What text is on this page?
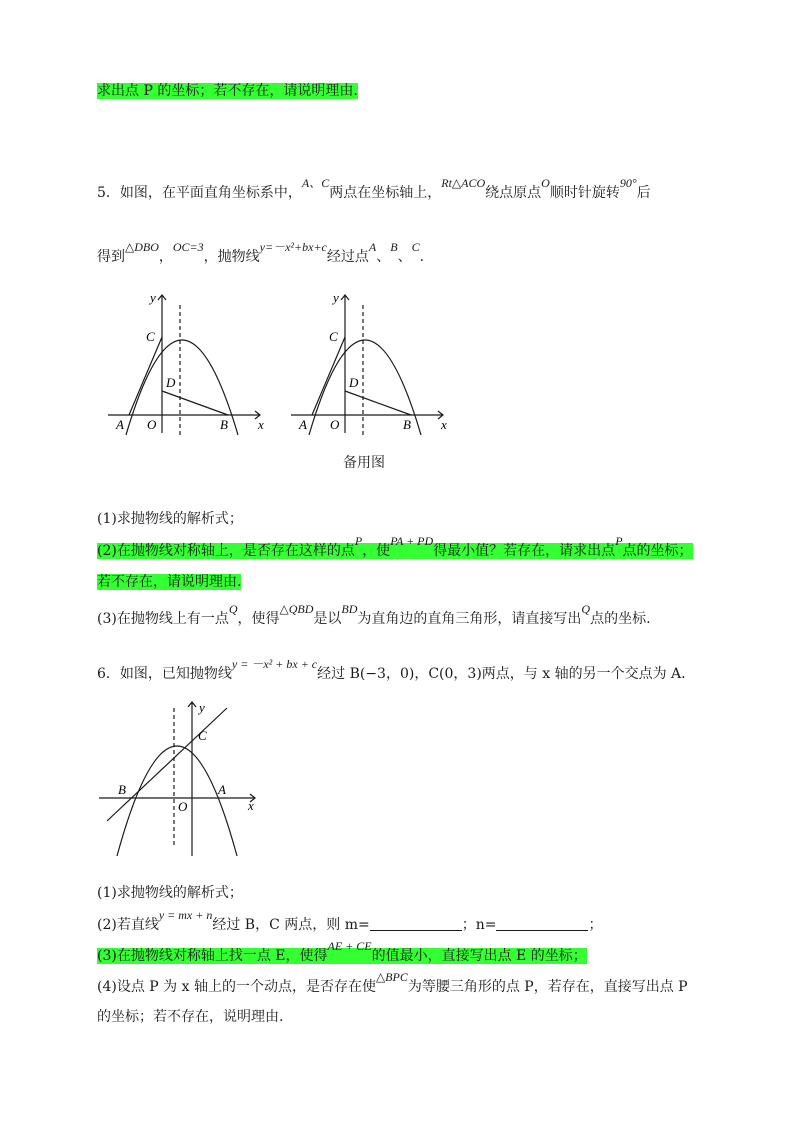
求出点 P 的坐标；若不存在，请说明理由.
5．如图，在平面直角坐标系中，A、C两点在坐标轴上，Rt△ACO绕点原点O顺时针旋转90°后
得到△DBO，OC=3，抛物线y=－x²+bx+c经过点A、B、C.
y
x
C
D
A O	B
y
x
C
D
A O	B
备用图
(1)求抛物线的解析式；
(2)在抛物线对称轴上，是否存在这样的点P，使PA + PD得最小值？若存在，请求出点P点的坐标；
若不存在，请说明理由.
(3)在抛物线上有一点Q，使得△QBD是以BD为直角边的直角三角形，请直接写出Q点的坐标.
6．如图，已知抛物线y = －x² + bx + c经过 B(−3，0)，C(0，3)两点，与 x 轴的另一个交点为 A.
y
x
C
B
O
A
(1)求抛物线的解析式；
(2)若直线y = mx + n经过 B，C 两点，则 m=	；n=	；
(3)在抛物线对称轴上找一点 E，使得AE + CE的值最小，直接写出点 E 的坐标；
(4)设点 P 为 x 轴上的一个动点，是否存在使△BPC为等腰三角形的点 P，若存在，直接写出点 P
的坐标；若不存在，说明理由.
